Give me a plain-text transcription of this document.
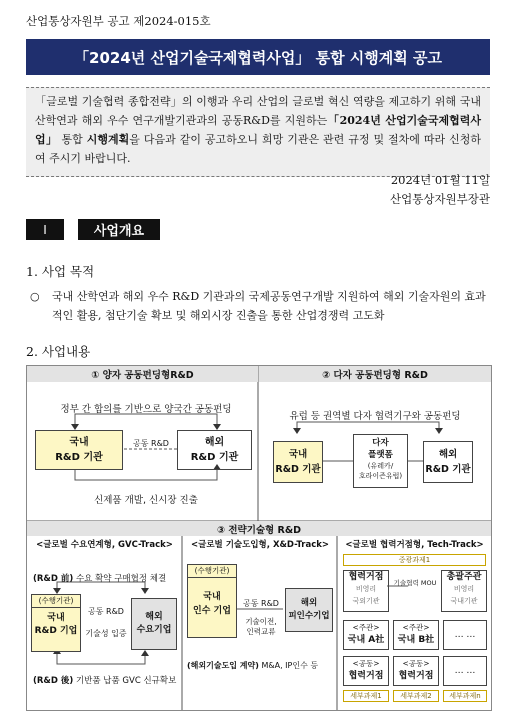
산업통상자원부 공고 제2024-015호
「2024년 산업기술국제협력사업」 통합 시행계획 공고
「글로벌 기술협력 종합전략」의 이행과 우리 산업의 글로벌 혁신 역량을 제고하기 위해 국내 산학연과 해외 우수 연구개발기관과의 공동R&D를 지원하는「2024년 산업기술국제협력사업」 통합 시행계획을 다음과 같이 공고하오니 희망 기관은 관련 규정 및 절차에 따라 신청하여 주시기 바랍니다.
2024년 01월 11일
산업통상자원부장관
Ⅰ	사업개요
1. 사업 목적
○ 국내 산학연과 해외 우수 R&D 기관과의 국제공동연구개발 지원하여 해외 기술자원의 효과적인 활용, 첨단기술 확보 및 해외시장 진출을 통한 산업경쟁력 고도화
2. 사업내용
① 양자 공동펀딩형R&D
정부 간 합의를 기반으로 양국간 공동펀딩
국내
R&D 기관
해외
R&D 기관
공동 R&D
신제품 개발, 신시장 진출
② 다자 공동펀딩형 R&D
유럽 등 권역별 다자 협력기구와 공동펀딩
국내
R&D 기관
다자
플랫폼
(유레카/
호라이즌유럽)
해외
R&D 기관
③ 전략기술형 R&D
<글로벌 수요연계형, GVC-Track>
(R&D 前) 수요 확약 구매협정 체결
(수행기관)
국내
R&D 기업
공동 R&D
기술성 입증
해외
수요기업
(R&D 後) 기반품 납품 GVC 신규확보
<글로벌 기술도입형, X&D-Track>
(수행기관)
국내
인수 기업
공동 R&D
기술이전,
인력교류
해외
피인수기업
(해외기술도입 계약) M&A, IP인수 등
<글로벌 협력거점형, Tech-Track>
중광과제1
협력거점
비영리
국외기관
기술협력 MOU
총괄주관
비영리
국내기관
<주관>
국내 A社
<주관>
국내 B社	… …
<공동>
협력거점
<공동>
협력거점	… …
세부과제1	세부과제2	세부과제n
